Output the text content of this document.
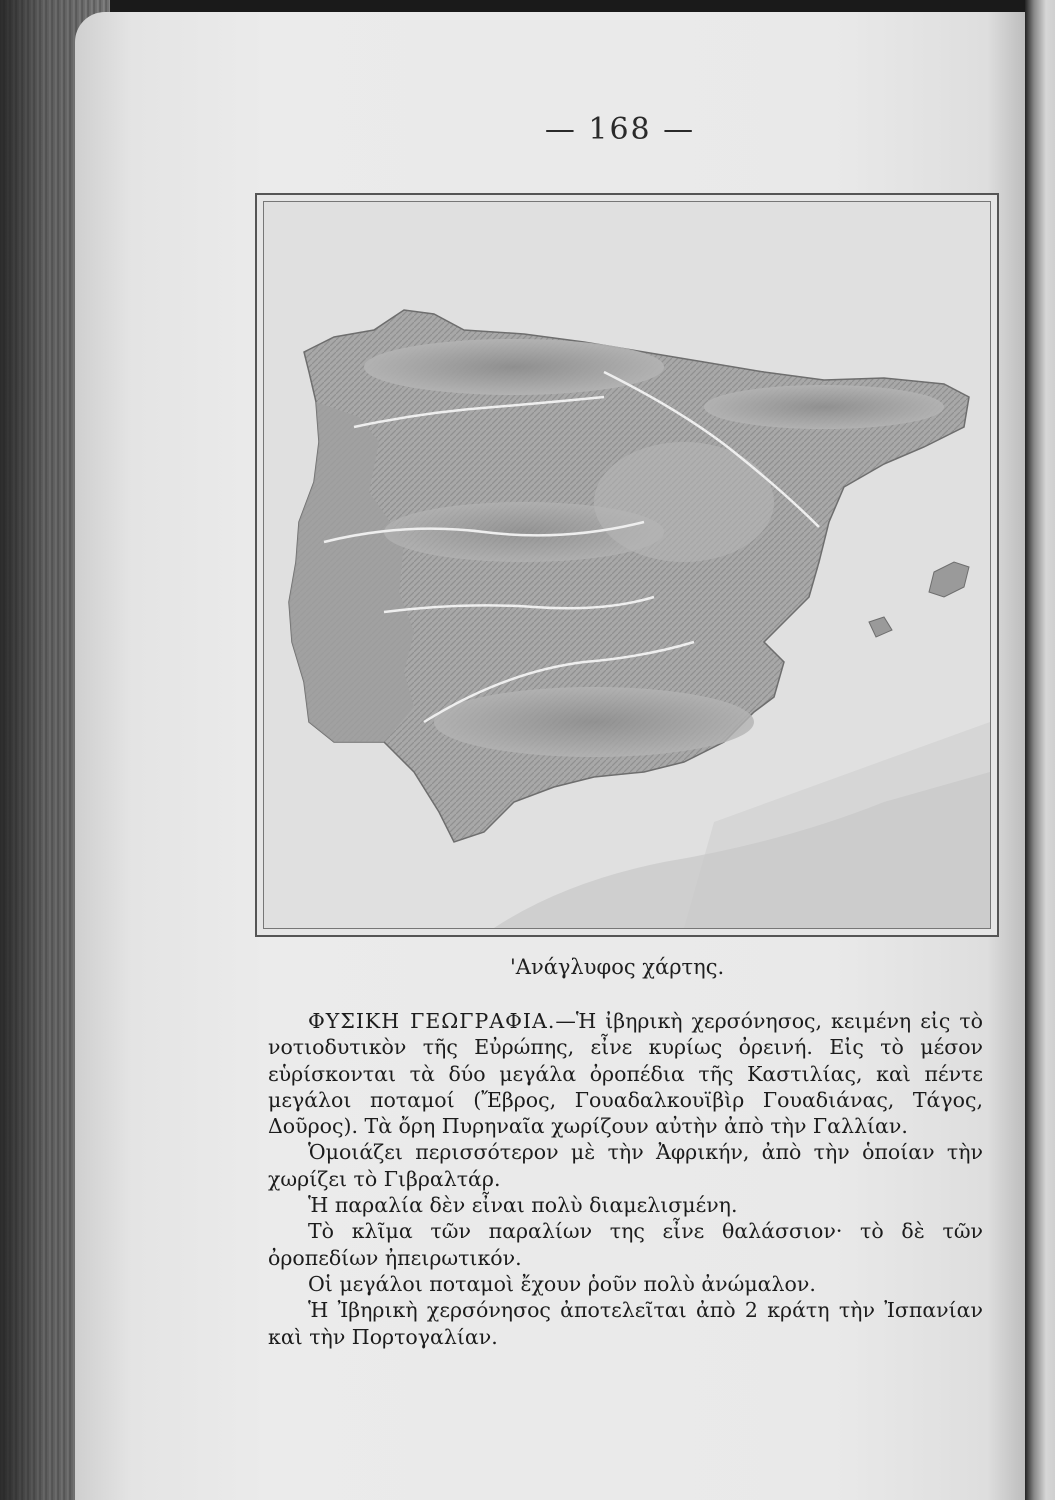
— 168 —
'Ανάγλυφος χάρτης.

ΦΥΣΙΚΗ ΓΕΩΓΡΑΦΙΑ.—Ἡ ἰβηρικὴ χερσόνησος, κειμένη εἰς τὸ νοτιοδυτικὸν τῆς Εὐρώπης, εἶνε κυρίως ὀρεινή. Εἰς τὸ μέσον εὑρίσκονται τὰ δύο μεγάλα ὀροπέδια τῆς Καστιλίας, καὶ πέντε μεγάλοι ποταμοί (Ἔβρος, Γουαδαλκουϊβὶρ Γουαδιάνας, Τάγος, Δοῦρος). Τὰ ὄρη Πυρηναῖα χωρίζουν αὐτὴν ἀπὸ τὴν Γαλλίαν.

Ὁμοιάζει περισσότερον μὲ τὴν Ἀφρικήν, ἀπὸ τὴν ὁποίαν τὴν χωρίζει τὸ Γιβραλτάρ.

Ἡ παραλία δὲν εἶναι πολὺ διαμελισμένη.

Τὸ κλῖμα τῶν παραλίων της εἶνε θαλάσσιον· τὸ δὲ τῶν ὀροπεδίων ἠπειρωτικόν.

Οἱ μεγάλοι ποταμοὶ ἔχουν ῥοῦν πολὺ ἀνώμαλον.

Ἡ Ἰβηρικὴ χερσόνησος ἀποτελεῖται ἀπὸ 2 κράτη τὴν Ἰσπανίαν καὶ τὴν Πορτογαλίαν.
